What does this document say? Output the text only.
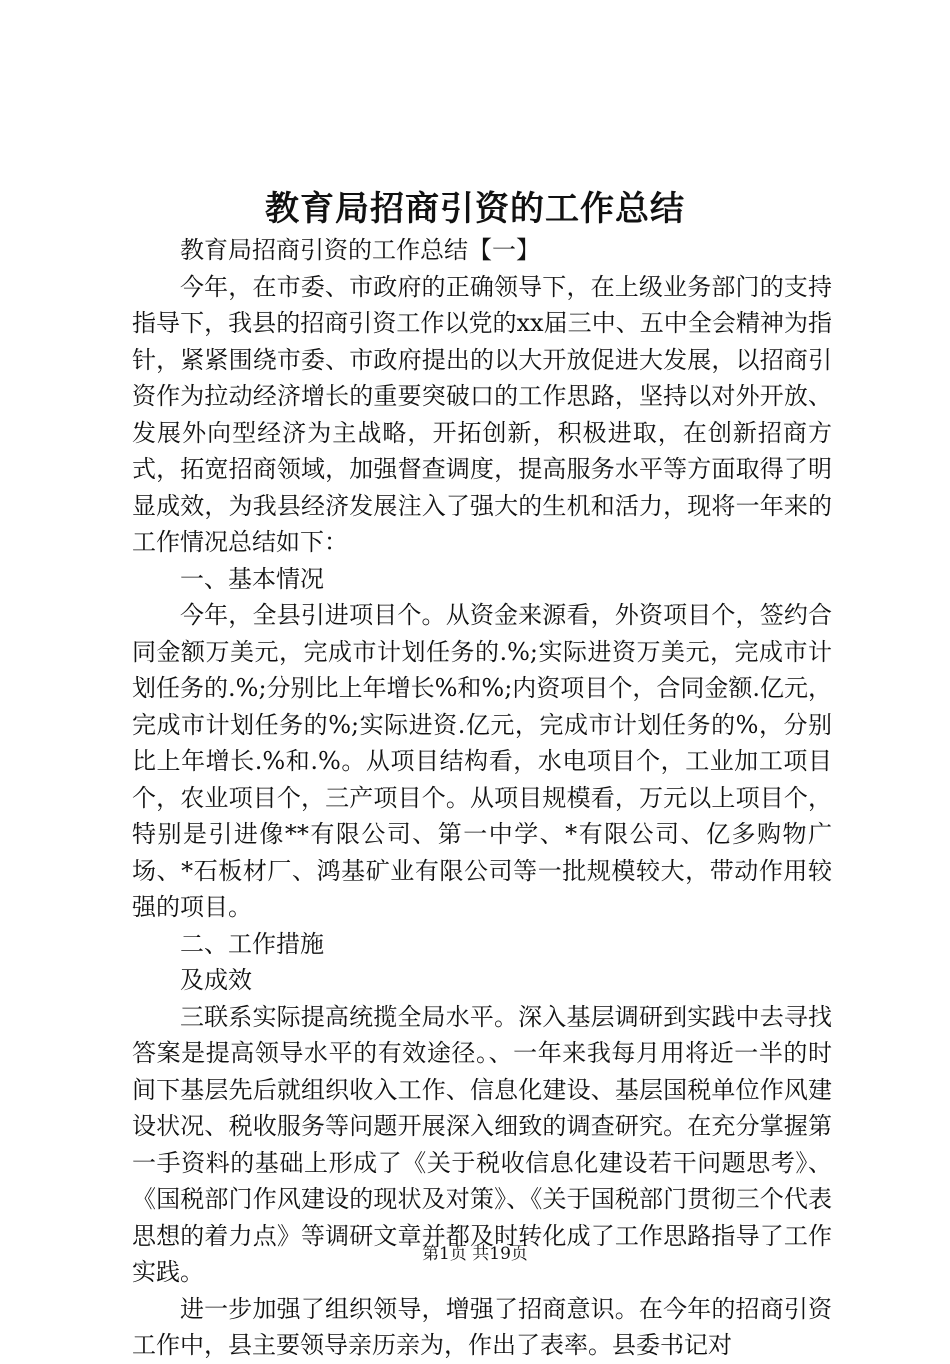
教育局招商引资的工作总结

教育局招商引资的工作总结【一】

今年，在市委、市政府的正确领导下，在上级业务部门的支持指导下，我县的招商引资工作以党的xx届三中、五中全会精神为指针，紧紧围绕市委、市政府提出的以大开放促进大发展，以招商引资作为拉动经济增长的重要突破口的工作思路，坚持以对外开放、发展外向型经济为主战略，开拓创新，积极进取，在创新招商方式，拓宽招商领域，加强督查调度，提高服务水平等方面取得了明显成效，为我县经济发展注入了强大的生机和活力，现将一年来的工作情况总结如下：

一、基本情况

今年，全县引进项目个。从资金来源看，外资项目个，签约合同金额万美元，完成市计划任务的.%;实际进资万美元，完成市计划任务的.%;分别比上年增长%和%;内资项目个，合同金额.亿元，完成市计划任务的%;实际进资.亿元，完成市计划任务的%，分别比上年增长.%和.%。从项目结构看，水电项目个，工业加工项目个，农业项目个，三产项目个。从项目规模看，万元以上项目个，特别是引进像**有限公司、第一中学、*有限公司、亿多购物广场、*石板材厂、鸿基矿业有限公司等一批规模较大，带动作用较强的项目。

二、工作措施

及成效

三联系实际提高统揽全局水平。深入基层调研到实践中去寻找答案是提高领导水平的有效途径。、一年来我每月用将近一半的时间下基层先后就组织收入工作、信息化建设、基层国税单位作风建设状况、税收服务等问题开展深入细致的调查研究。在充分掌握第一手资料的基础上形成了《关于税收信息化建设若干问题思考》、《国税部门作风建设的现状及对策》、《关于国税部门贯彻三个代表思想的着力点》等调研文章并都及时转化成了工作思路指导了工作实践。

进一步加强了组织领导，增强了招商意识。在今年的招商引资工作中，县主要领导亲历亲为，作出了表率。县委书记对

第1页 共19页
